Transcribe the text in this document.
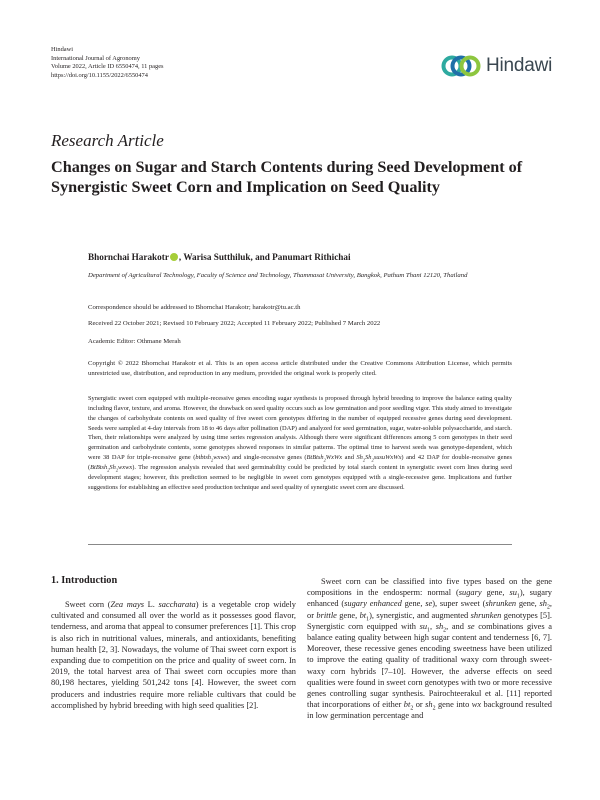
Hindawi
International Journal of Agronomy
Volume 2022, Article ID 6550474, 11 pages
https://doi.org/10.1155/2022/6550474	Hindawi
Research Article
Changes on Sugar and Starch Contents during Seed Development of Synergistic Sweet Corn and Implication on Seed Quality
Bhornchai Harakotr , Warisa Sutthiluk, and Panumart Rithichai
Department of Agricultural Technology, Faculty of Science and Technology, Thammasat University, Bangkok, Pathum Thani 12120, Thailand
Correspondence should be addressed to Bhornchai Harakotr; harakotr@tu.ac.th
Received 22 October 2021; Revised 10 February 2022; Accepted 11 February 2022; Published 7 March 2022
Academic Editor: Othmane Merah
Copyright © 2022 Bhornchai Harakotr et al. This is an open access article distributed under the Creative Commons Attribution License, which permits unrestricted use, distribution, and reproduction in any medium, provided the original work is properly cited.
Synergistic sweet corn equipped with multiple-recessive genes encoding sugar synthesis is proposed through hybrid breeding to improve the balance eating quality including flavor, texture, and aroma. However, the drawback on seed quality occurs such as low germination and poor seedling vigor. This study aimed to investigate the changes of carbohydrate contents on seed quality of five sweet corn genotypes differing in the number of equipped recessive genes during seed development. Seeds were sampled at 4-day intervals from 18 to 46 days after pollination (DAP) and analyzed for seed germination, sugar, water-soluble polysaccharide, and starch. Then, their relationships were analyzed by using time series regression analysis. Although there were significant differences among 5 corn genotypes in their seed germination and carbohydrate contents, some genotypes showed responses in similar patterns. The optimal time to harvest seeds was genotype-dependent, which were 38 DAP for triple-recessive gene (btbtsh$_2$wxwx) and single-recessive genes (BtBtsh$_2$WxWx and $Sh_2Sh_2susuWxWx$) and 42 DAP for double-recessive genes $(BtBtsh_2Sh_2wxwx)$. The regression analysis revealed that seed germinability could be predicted by total starch content in synergistic sweet corn lines during seed development stages; however, this prediction seemed to be negligible in sweet corn genotypes equipped with a single-recessive gene. Implications and further suggestions for establishing an effective seed production technique and seed quality of synergistic sweet corn are discussed.
1. Introduction

Sweet corn (Zea mays L. saccharata) is a vegetable crop widely cultivated and consumed all over the world as it possesses good flavor, tenderness, and aroma that appeal to consumer preferences [1]. This crop is also rich in nutritional values, minerals, and antioxidants, benefiting human health [2, 3]. Nowadays, the volume of Thai sweet corn export is expanding due to competition on the price and quality of sweet corn. In 2019, the total harvest area of Thai sweet corn occupies more than 80,198 hectares, yielding 501,242 tons [4]. However, the sweet corn producers and industries require more reliable cultivars that could be accomplished by hybrid breeding with high seed qualities [2].

Sweet corn can be classified into five types based on the gene compositions in the endosperm: normal (sugary gene, $su_1$), sugary enhanced (sugary enhanced gene, se), super sweet (shrunken gene, $sh_2$, or brittle gene, $bt_1$), synergistic, and augmented shrunken genotypes [5]. Synergistic corn equipped with $su_1$, $sh_2$, and se combinations gives a balance eating quality between high sugar content and tenderness [6, 7]. Moreover, these recessive genes encoding sweetness have been utilized to improve the eating quality of traditional waxy corn through sweet-waxy corn hybrids [7–10]. However, the adverse effects on seed qualities were found in sweet corn genotypes with two or more recessive genes controlling sugar synthesis. Pairochteerakul et al. [11] reported that incorporations of either $bt_2$ or $sh_2$ gene into wx background resulted in low germination percentage and
